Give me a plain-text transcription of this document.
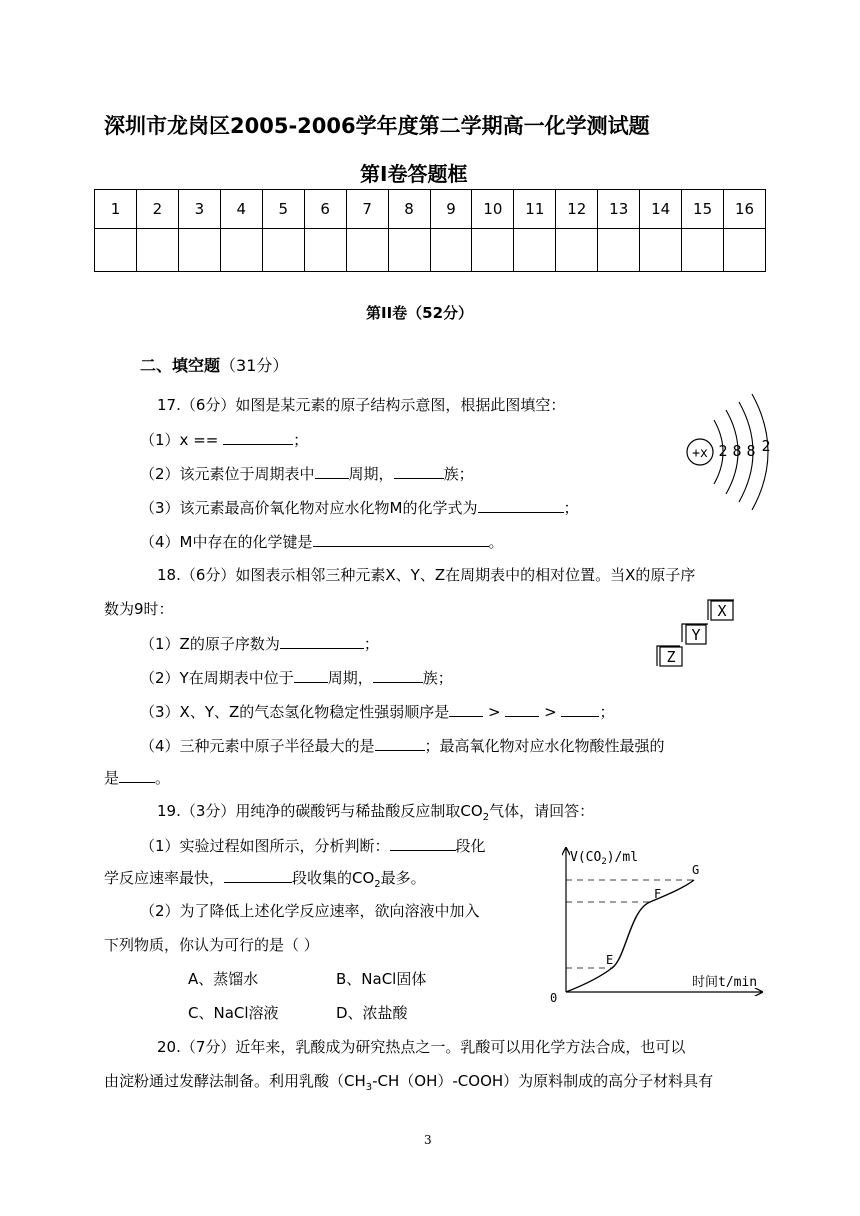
深圳市龙岗区2005-2006学年度第二学期高一化学测试题
第Ⅰ卷答题框
1	2	3	4	5	6	7	8	9	10	11	12	13	14	15	16

第II卷（52分）
二、填空题（31分）
17.（6分）如图是某元素的原子结构示意图，根据此图填空：
（1）x ==	；
（2）该元素位于周期表中 周期，	族；
（3）该元素最高价氧化物对应水化物M的化学式为	；
（4）M中存在的化学键是	。
+x 2 8 8 2
18.（6分）如图表示相邻三种元素X、Y、Z在周期表中的相对位置。当X的原子序
数为9时：
（1）Z的原子序数为	；
（2）Y在周期表中位于 周期，	族；
（3）X、Y、Z的气态氢化物稳定性强弱顺序是 >  >	；
（4）三种元素中原子半径最大的是	；最高氧化物对应水化物酸性最强的
是 。
Z
Y
X
19.（3分）用纯净的碳酸钙与稀盐酸反应制取$CO_2$气体，请回答：
（1）实验过程如图所示，分析判断：	段化
学反应速率最快，	段收集的$CO_2$最多。
（2）为了降低上述化学反应速率，欲向溶液中加入
下列物质，你认为可行的是（ ）
A、蒸馏水	B、NaCl固体
C、NaCl溶液	D、浓盐酸
$V(CO_2)/ml$
时间t/min
0
E
F
G
20.（7分）近年来，乳酸成为研究热点之一。乳酸可以用化学方法合成，也可以
由淀粉通过发酵法制备。利用乳酸$(CH_3-CH(OH)-COOH)$为原料制成的高分子材料具有
3
